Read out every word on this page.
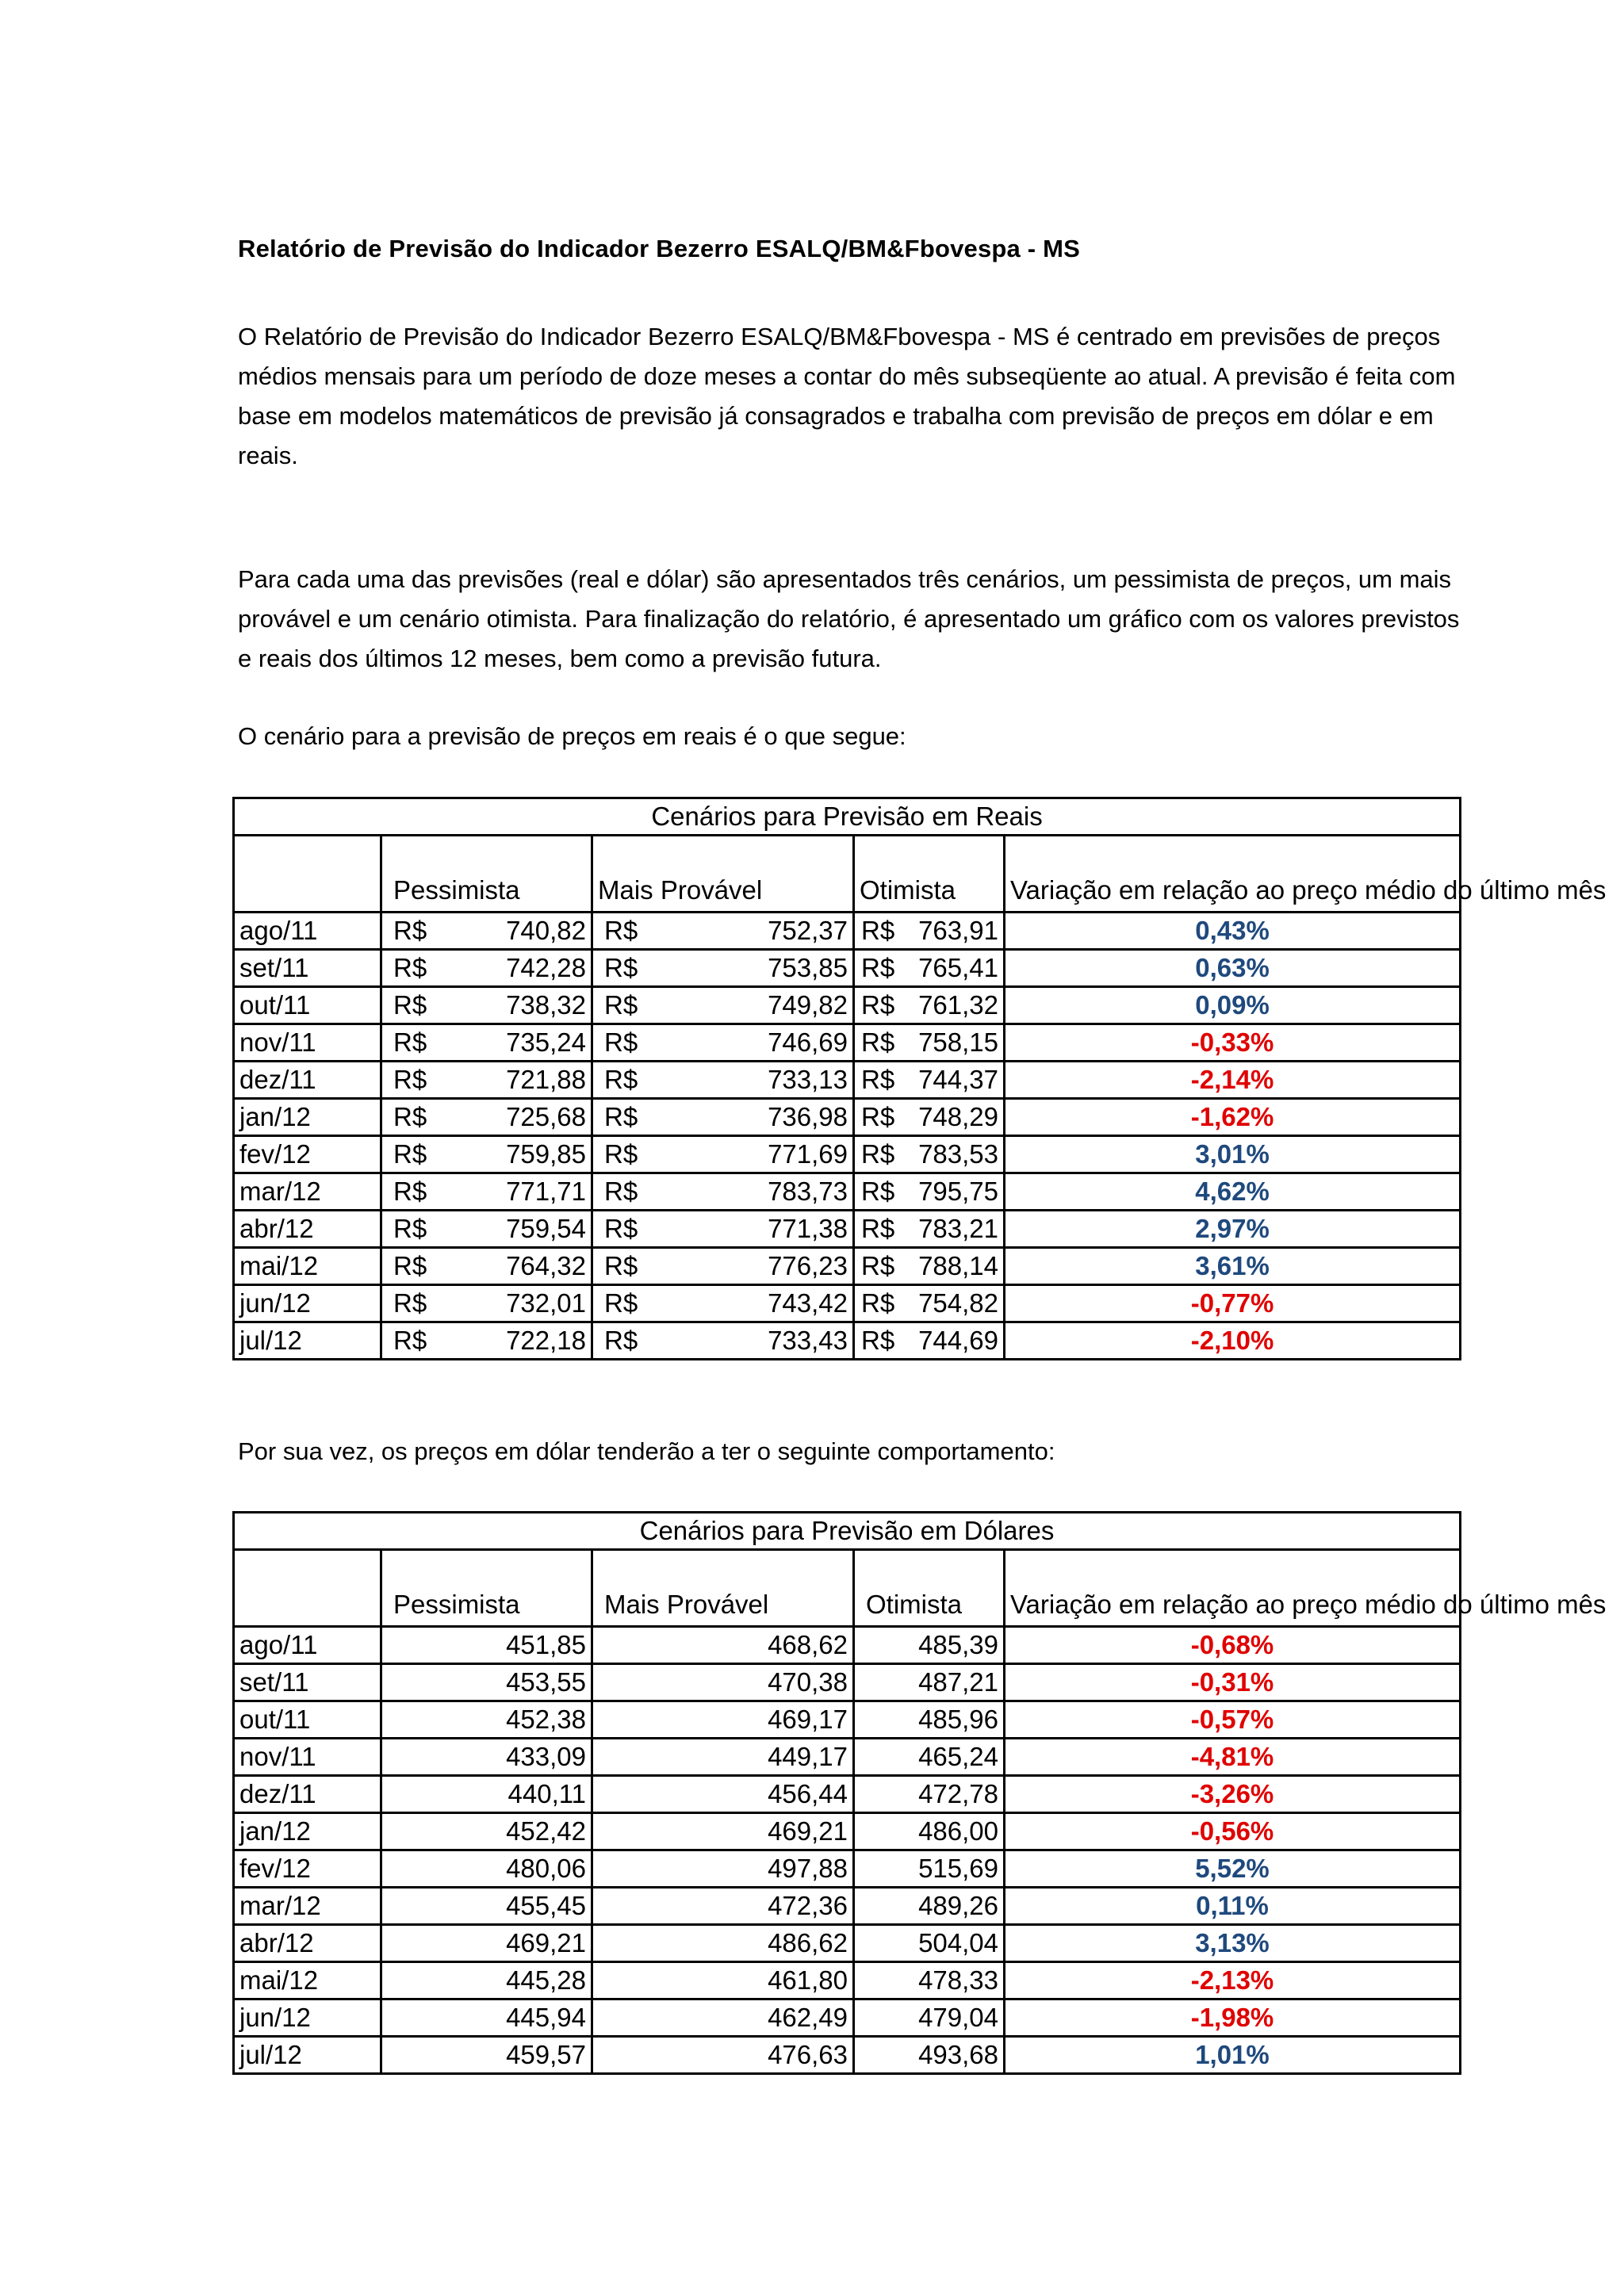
Relatório de Previsão do Indicador Bezerro ESALQ/BM&Fbovespa - MS

O Relatório de Previsão do Indicador Bezerro ESALQ/BM&Fbovespa - MS é centrado em previsões de preços médios mensais para um período de doze meses a contar do mês subseqüente ao atual. A previsão é feita com base em modelos matemáticos de previsão já consagrados e trabalha com previsão de preços em dólar e em reais.

Para cada uma das previsões (real e dólar) são apresentados três cenários, um pessimista de preços, um mais provável e um cenário otimista. Para finalização do relatório, é apresentado um gráfico com os valores previstos e reais dos últimos 12 meses, bem como a previsão futura.

O cenário para a previsão de preços em reais é o que segue:

Cenários para Previsão em Reais				
	Pessimista	Mais Provável	Otimista	Variação em relação ao preço médio do último mês
ago/11	R$ 740,82	R$ 752,37	R$ 763,91	0,43%
set/11	R$ 742,28	R$ 753,85	R$ 765,41	0,63%
out/11	R$ 738,32	R$ 749,82	R$ 761,32	0,09%
nov/11	R$ 735,24	R$ 746,69	R$ 758,15	-0,33%
dez/11	R$ 721,88	R$ 733,13	R$ 744,37	-2,14%
jan/12	R$ 725,68	R$ 736,98	R$ 748,29	-1,62%
fev/12	R$ 759,85	R$ 771,69	R$ 783,53	3,01%
mar/12	R$ 771,71	R$ 783,73	R$ 795,75	4,62%
abr/12	R$ 759,54	R$ 771,38	R$ 783,21	2,97%
mai/12	R$ 764,32	R$ 776,23	R$ 788,14	3,61%
jun/12	R$ 732,01	R$ 743,42	R$ 754,82	-0,77%
jul/12	R$ 722,18	R$ 733,43	R$ 744,69	-2,10%

Por sua vez, os preços em dólar tenderão a ter o seguinte comportamento:

Cenários para Previsão em Dólares				
	Pessimista	Mais Provável	Otimista	Variação em relação ao preço médio do último mês
ago/11	451,85	468,62	485,39	-0,68%
set/11	453,55	470,38	487,21	-0,31%
out/11	452,38	469,17	485,96	-0,57%
nov/11	433,09	449,17	465,24	-4,81%
dez/11	440,11	456,44	472,78	-3,26%
jan/12	452,42	469,21	486,00	-0,56%
fev/12	480,06	497,88	515,69	5,52%
mar/12	455,45	472,36	489,26	0,11%
abr/12	469,21	486,62	504,04	3,13%
mai/12	445,28	461,80	478,33	-2,13%
jun/12	445,94	462,49	479,04	-1,98%
jul/12	459,57	476,63	493,68	1,01%
